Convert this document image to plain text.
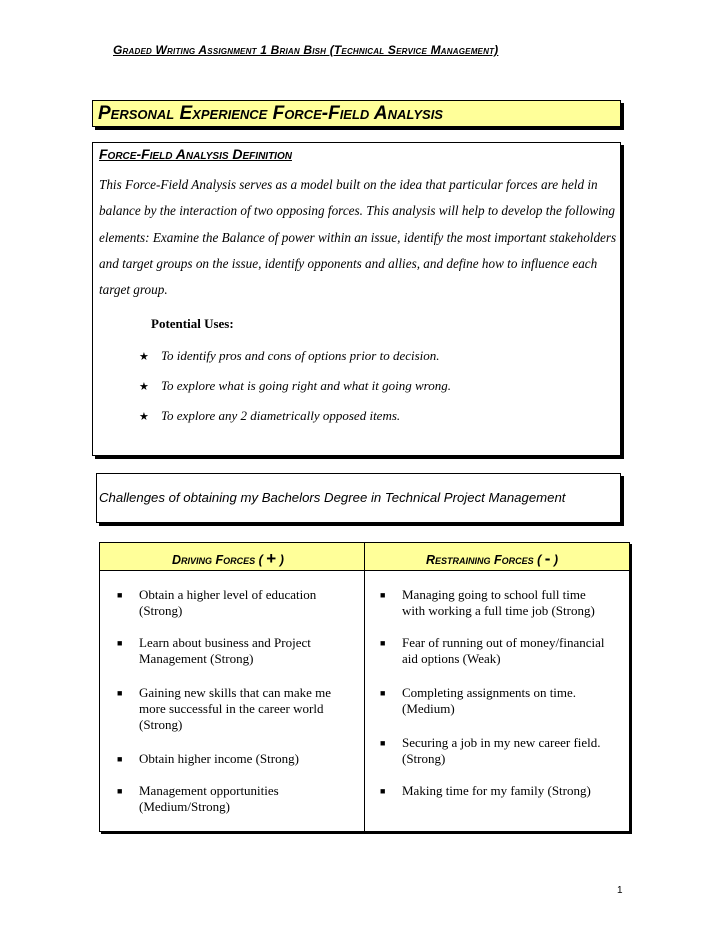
Graded Writing Assignment 1 Brian Bish (Technical Service Management)
Personal Experience Force-Field Analysis
Force-Field Analysis Definition
This Force-Field Analysis serves as a model built on the idea that particular forces are held in balance by the interaction of two opposing forces. This analysis will help to develop the following elements: Examine the Balance of power within an issue, identify the most important stakeholders and target groups on the issue, identify opponents and allies, and define how to influence each target group.
Potential Uses:
★ To identify pros and cons of options prior to decision.
★ To explore what is going right and what it going wrong.
★ To explore any 2 diametrically opposed items.
Challenges of obtaining my Bachelors Degree in Technical Project Management
Driving Forces ( + )	Restraining Forces ( - )
■ Obtain a higher level of education
(Strong)
■ Learn about business and Project
Management (Strong)
■ Gaining new skills that can make me
more successful in the career world
(Strong)
■ Obtain higher income (Strong)
■ Management opportunities
(Medium/Strong)
■ Managing going to school full time
with working a full time job (Strong)
■ Fear of running out of money/financial
aid options (Weak)
■ Completing assignments on time.
(Medium)
■ Securing a job in my new career field.
(Strong)
■ Making time for my family (Strong)
1
